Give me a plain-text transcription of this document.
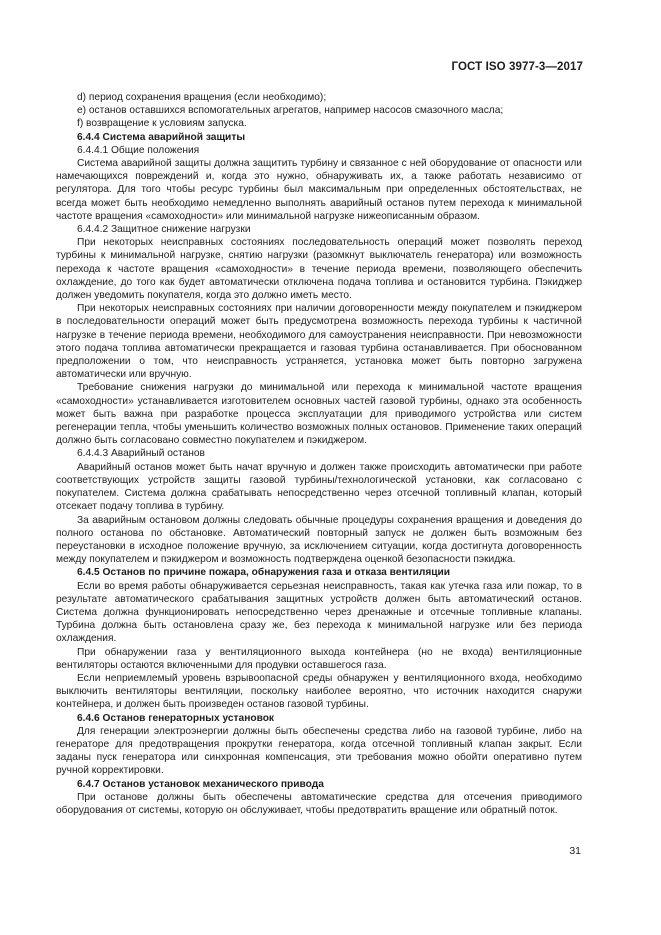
ГОСТ ISO 3977-3—2017

d) период сохранения вращения (если необходимо);

e) останов оставшихся вспомогательных агрегатов, например насосов смазочного масла;

f) возвращение к условиям запуска.

6.4.4 Система аварийной защиты

6.4.4.1 Общие положения

Система аварийной защиты должна защитить турбину и связанное с ней оборудование от опасности или намечающихся повреждений и, когда это нужно, обнаруживать их, а также работать независимо от регулятора. Для того чтобы ресурс турбины был максимальным при определенных обстоятельствах, не всегда может быть необходимо немедленно выполнять аварийный останов путем перехода к минимальной частоте вращения «самоходности» или минимальной нагрузке нижеописанным образом.

6.4.4.2 Защитное снижение нагрузки

При некоторых неисправных состояниях последовательность операций может позволять переход турбины к минимальной нагрузке, снятию нагрузки (разомкнут выключатель генератора) или возможность перехода к частоте вращения «самоходности» в течение периода времени, позволяющего обеспечить охлаждение, до того как будет автоматически отключена подача топлива и остановится турбина. Пэкиджер должен уведомить покупателя, когда это должно иметь место.

При некоторых неисправных состояниях при наличии договоренности между покупателем и пэкиджером в последовательности операций может быть предусмотрена возможность перехода турбины к частичной нагрузке в течение периода времени, необходимого для самоустранения неисправности. При невозможности этого подача топлива автоматически прекращается и газовая турбина останавливается. При обоснованном предположении о том, что неисправность устраняется, установка может быть повторно загружена автоматически или вручную.

Требование снижения нагрузки до минимальной или перехода к минимальной частоте вращения «самоходности» устанавливается изготовителем основных частей газовой турбины, однако эта особенность может быть важна при разработке процесса эксплуатации для приводимого устройства или систем регенерации тепла, чтобы уменьшить количество возможных полных остановов. Применение таких операций должно быть согласовано совместно покупателем и пэкиджером.

6.4.4.3 Аварийный останов

Аварийный останов может быть начат вручную и должен также происходить автоматически при работе соответствующих устройств защиты газовой турбины/технологической установки, как согласовано с покупателем. Система должна срабатывать непосредственно через отсечной топливный клапан, который отсекает подачу топлива в турбину.

За аварийным остановом должны следовать обычные процедуры сохранения вращения и доведения до полного останова по обстановке. Автоматический повторный запуск не должен быть возможным без переустановки в исходное положение вручную, за исключением ситуации, когда достигнута договоренность между покупателем и пэкиджером и возможность подтверждена оценкой безопасности пэкиджа.

6.4.5 Останов по причине пожара, обнаружения газа и отказа вентиляции

Если во время работы обнаруживается серьезная неисправность, такая как утечка газа или пожар, то в результате автоматического срабатывания защитных устройств должен быть автоматический останов. Система должна функционировать непосредственно через дренажные и отсечные топливные клапаны. Турбина должна быть остановлена сразу же, без перехода к минимальной нагрузке или без периода охлаждения.

При обнаружении газа у вентиляционного выхода контейнера (но не входа) вентиляционные вентиляторы остаются включенными для продувки оставшегося газа.

Если неприемлемый уровень взрывоопасной среды обнаружен у вентиляционного входа, необходимо выключить вентиляторы вентиляции, поскольку наиболее вероятно, что источник находится снаружи контейнера, и должен быть произведен останов газовой турбины.

6.4.6 Останов генераторных установок

Для генерации электроэнергии должны быть обеспечены средства либо на газовой турбине, либо на генераторе для предотвращения прокрутки генератора, когда отсечной топливный клапан закрыт. Если заданы пуск генератора или синхронная компенсация, эти требования можно обойти оперативно путем ручной корректировки.

6.4.7 Останов установок механического привода

При останове должны быть обеспечены автоматические средства для отсечения приводимого оборудования от системы, которую он обслуживает, чтобы предотвратить вращение или обратный поток.

31
